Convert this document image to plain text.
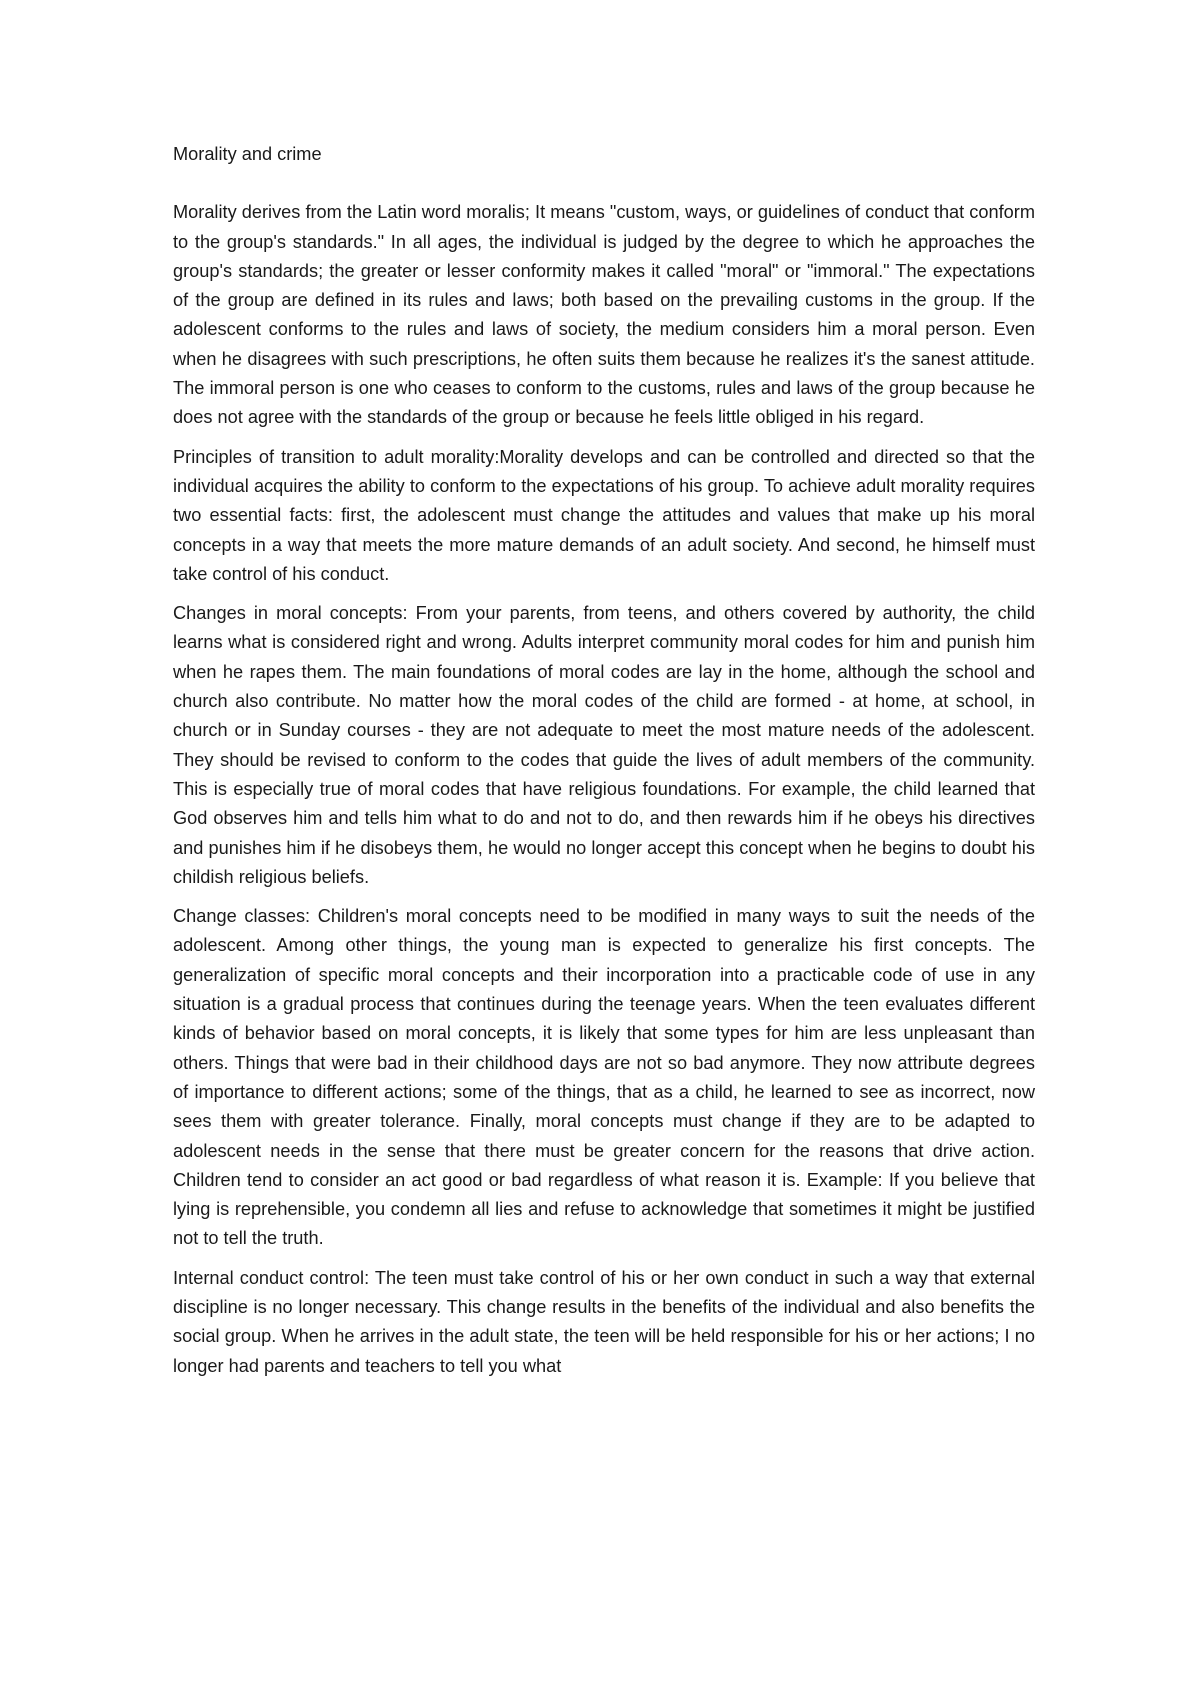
Morality and crime

Morality derives from the Latin word moralis; It means "custom, ways, or guidelines of conduct that conform to the group's standards." In all ages, the individual is judged by the degree to which he approaches the group's standards; the greater or lesser conformity makes it called "moral" or "immoral." The expectations of the group are defined in its rules and laws; both based on the prevailing customs in the group. If the adolescent conforms to the rules and laws of society, the medium considers him a moral person. Even when he disagrees with such prescriptions, he often suits them because he realizes it's the sanest attitude. The immoral person is one who ceases to conform to the customs, rules and laws of the group because he does not agree with the standards of the group or because he feels little obliged in his regard.

Principles of transition to adult morality:Morality develops and can be controlled and directed so that the individual acquires the ability to conform to the expectations of his group. To achieve adult morality requires two essential facts: first, the adolescent must change the attitudes and values that make up his moral concepts in a way that meets the more mature demands of an adult society. And second, he himself must take control of his conduct.

Changes in moral concepts: From your parents, from teens, and others covered by authority, the child learns what is considered right and wrong. Adults interpret community moral codes for him and punish him when he rapes them. The main foundations of moral codes are lay in the home, although the school and church also contribute. No matter how the moral codes of the child are formed - at home, at school, in church or in Sunday courses - they are not adequate to meet the most mature needs of the adolescent. They should be revised to conform to the codes that guide the lives of adult members of the community. This is especially true of moral codes that have religious foundations. For example, the child learned that God observes him and tells him what to do and not to do, and then rewards him if he obeys his directives and punishes him if he disobeys them, he would no longer accept this concept when he begins to doubt his childish religious beliefs.

Change classes: Children's moral concepts need to be modified in many ways to suit the needs of the adolescent. Among other things, the young man is expected to generalize his first concepts. The generalization of specific moral concepts and their incorporation into a practicable code of use in any situation is a gradual process that continues during the teenage years. When the teen evaluates different kinds of behavior based on moral concepts, it is likely that some types for him are less unpleasant than others. Things that were bad in their childhood days are not so bad anymore. They now attribute degrees of importance to different actions; some of the things, that as a child, he learned to see as incorrect, now sees them with greater tolerance. Finally, moral concepts must change if they are to be adapted to adolescent needs in the sense that there must be greater concern for the reasons that drive action. Children tend to consider an act good or bad regardless of what reason it is. Example: If you believe that lying is reprehensible, you condemn all lies and refuse to acknowledge that sometimes it might be justified not to tell the truth.

Internal conduct control: The teen must take control of his or her own conduct in such a way that external discipline is no longer necessary. This change results in the benefits of the individual and also benefits the social group. When he arrives in the adult state, the teen will be held responsible for his or her actions; I no longer had parents and teachers to tell you what
